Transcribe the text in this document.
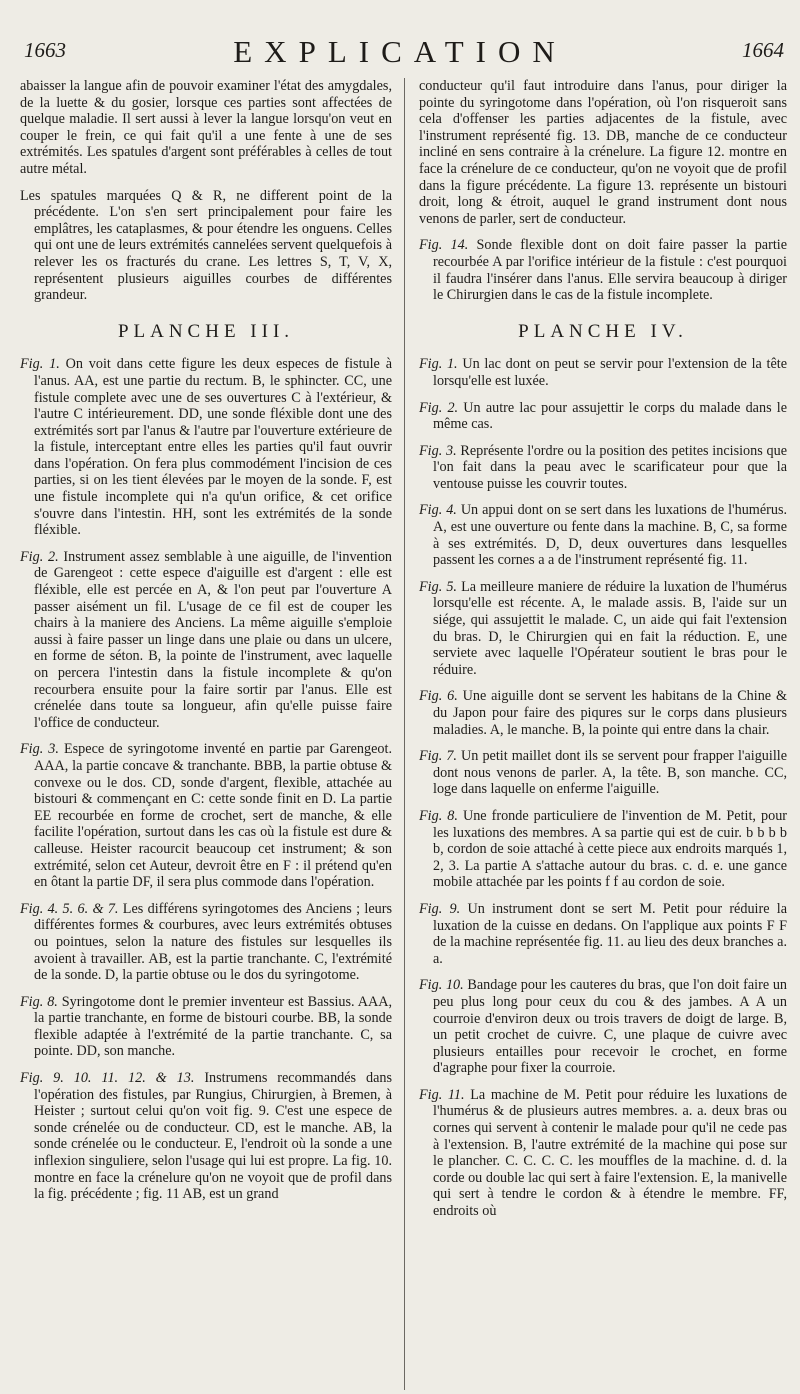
1663	EXPLICATION	1664

abaisser la langue afin de pouvoir examiner l'état des amygdales, de la luette & du gosier, lorsque ces parties sont affectées de quelque maladie. Il sert aussi à lever la langue lorsqu'on veut en couper le frein, ce qui fait qu'il a une fente à une de ses extrémités. Les spatules d'argent sont préférables à celles de tout autre métal.

Les spatules marquées Q & R, ne different point de la précédente. L'on s'en sert principalement pour faire les emplâtres, les cataplasmes, & pour étendre les onguens. Celles qui ont une de leurs extrémités cannelées servent quelquefois à relever les os fracturés du crane. Les lettres S, T, V, X, représentent plusieurs aiguilles courbes de différentes grandeur.

PLANCHE III.

Fig. 1. On voit dans cette figure les deux especes de fistule à l'anus. AA, est une partie du rectum. B, le sphincter. CC, une fistule complete avec une de ses ouvertures C à l'extérieur, & l'autre C intérieurement. DD, une sonde fléxible dont une des extrémités sort par l'anus & l'autre par l'ouverture extérieure de la fistule, interceptant entre elles les parties qu'il faut ouvrir dans l'opération. On fera plus commodément l'incision de ces parties, si on les tient élevées par le moyen de la sonde. F, est une fistule incomplete qui n'a qu'un orifice, & cet orifice s'ouvre dans l'intestin. HH, sont les extrémités de la sonde fléxible.

Fig. 2. Instrument assez semblable à une aiguille, de l'invention de Garengeot : cette espece d'aiguille est d'argent : elle est fléxible, elle est percée en A, & l'on peut par l'ouverture A passer aisément un fil. L'usage de ce fil est de couper les chairs à la maniere des Anciens. La même aiguille s'emploie aussi à faire passer un linge dans une plaie ou dans un ulcere, en forme de séton. B, la pointe de l'instrument, avec laquelle on percera l'intestin dans la fistule incomplete & qu'on recourbera ensuite pour la faire sortir par l'anus. Elle est crénelée dans toute sa longueur, afin qu'elle puisse faire l'office de conducteur.

Fig. 3. Espece de syringotome inventé en partie par Garengeot. AAA, la partie concave & tranchante. BBB, la partie obtuse & convexe ou le dos. CD, sonde d'argent, flexible, attachée au bistouri & commençant en C: cette sonde finit en D. La partie EE recourbée en forme de crochet, sert de manche, & elle facilite l'opération, surtout dans les cas où la fistule est dure & calleuse. Heister racourcit beaucoup cet instrument; & son extrémité, selon cet Auteur, devroit être en F : il prétend qu'en en ôtant la partie DF, il sera plus commode dans l'opération.

Fig. 4. 5. 6. & 7. Les différens syringotomes des Anciens ; leurs différentes formes & courbures, avec leurs extrémités obtuses ou pointues, selon la nature des fistules sur lesquelles ils avoient à travailler. AB, est la partie tranchante. C, l'extrémité de la sonde. D, la partie obtuse ou le dos du syringotome.

Fig. 8. Syringotome dont le premier inventeur est Bassius. AAA, la partie tranchante, en forme de bistouri courbe. BB, la sonde flexible adaptée à l'extrémité de la partie tranchante. C, sa pointe. DD, son manche.

Fig. 9. 10. 11. 12. & 13. Instrumens recommandés dans l'opération des fistules, par Rungius, Chirurgien, à Bremen, à Heister ; surtout celui qu'on voit fig. 9. C'est une espece de sonde crénelée ou de conducteur. CD, est le manche. AB, la sonde crénelée ou le conducteur. E, l'endroit où la sonde a une inflexion singuliere, selon l'usage qui lui est propre. La fig. 10. montre en face la crénelure qu'on ne voyoit que de profil dans la fig. précédente ; fig. 11 AB, est un grand

conducteur qu'il faut introduire dans l'anus, pour diriger la pointe du syringotome dans l'opération, où l'on risqueroit sans cela d'offenser les parties adjacentes de la fistule, avec l'instrument représenté fig. 13. DB, manche de ce conducteur incliné en sens contraire à la crénelure. La figure 12. montre en face la crénelure de ce conducteur, qu'on ne voyoit que de profil dans la figure précédente. La figure 13. représente un bistouri droit, long & étroit, auquel le grand instrument dont nous venons de parler, sert de conducteur.

Fig. 14. Sonde flexible dont on doit faire passer la partie recourbée A par l'orifice intérieur de la fistule : c'est pourquoi il faudra l'insérer dans l'anus. Elle servira beaucoup à diriger le Chirurgien dans le cas de la fistule incomplete.

PLANCHE IV.

Fig. 1. Un lac dont on peut se servir pour l'extension de la tête lorsqu'elle est luxée.

Fig. 2. Un autre lac pour assujettir le corps du malade dans le même cas.

Fig. 3. Représente l'ordre ou la position des petites incisions que l'on fait dans la peau avec le scarificateur pour que la ventouse puisse les couvrir toutes.

Fig. 4. Un appui dont on se sert dans les luxations de l'humérus. A, est une ouverture ou fente dans la machine. B, C, sa forme à ses extrémités. D, D, deux ouvertures dans lesquelles passent les cornes a a de l'instrument représenté fig. 11.

Fig. 5. La meilleure maniere de réduire la luxation de l'humérus lorsqu'elle est récente. A, le malade assis. B, l'aide sur un siége, qui assujettit le malade. C, un aide qui fait l'extension du bras. D, le Chirurgien qui en fait la réduction. E, une serviete avec laquelle l'Opérateur soutient le bras pour le réduire.

Fig. 6. Une aiguille dont se servent les habitans de la Chine & du Japon pour faire des piqures sur le corps dans plusieurs maladies. A, le manche. B, la pointe qui entre dans la chair.

Fig. 7. Un petit maillet dont ils se servent pour frapper l'aiguille dont nous venons de parler. A, la tête. B, son manche. CC, loge dans laquelle on enferme l'aiguille.

Fig. 8. Une fronde particuliere de l'invention de M. Petit, pour les luxations des membres. A sa partie qui est de cuir. b b b b b, cordon de soie attaché à cette piece aux endroits marqués 1, 2, 3. La partie A s'attache autour du bras. c. d. e. une gance mobile attachée par les points f f au cordon de soie.

Fig. 9. Un instrument dont se sert M. Petit pour réduire la luxation de la cuisse en dedans. On l'applique aux points F F de la machine représentée fig. 11. au lieu des deux branches a. a.

Fig. 10. Bandage pour les cauteres du bras, que l'on doit faire un peu plus long pour ceux du cou & des jambes. A A un courroie d'environ deux ou trois travers de doigt de large. B, un petit crochet de cuivre. C, une plaque de cuivre avec plusieurs entailles pour recevoir le crochet, en forme d'agraphe pour fixer la courroie.

Fig. 11. La machine de M. Petit pour réduire les luxations de l'humérus & de plusieurs autres membres. a. a. deux bras ou cornes qui servent à contenir le malade pour qu'il ne cede pas à l'extension. B, l'autre extrémité de la machine qui pose sur le plancher. C. C. C. C. les mouffles de la machine. d. d. la corde ou double lac qui sert à faire l'extension. E, la manivelle qui sert à tendre le cordon & à étendre le membre. FF, endroits où
